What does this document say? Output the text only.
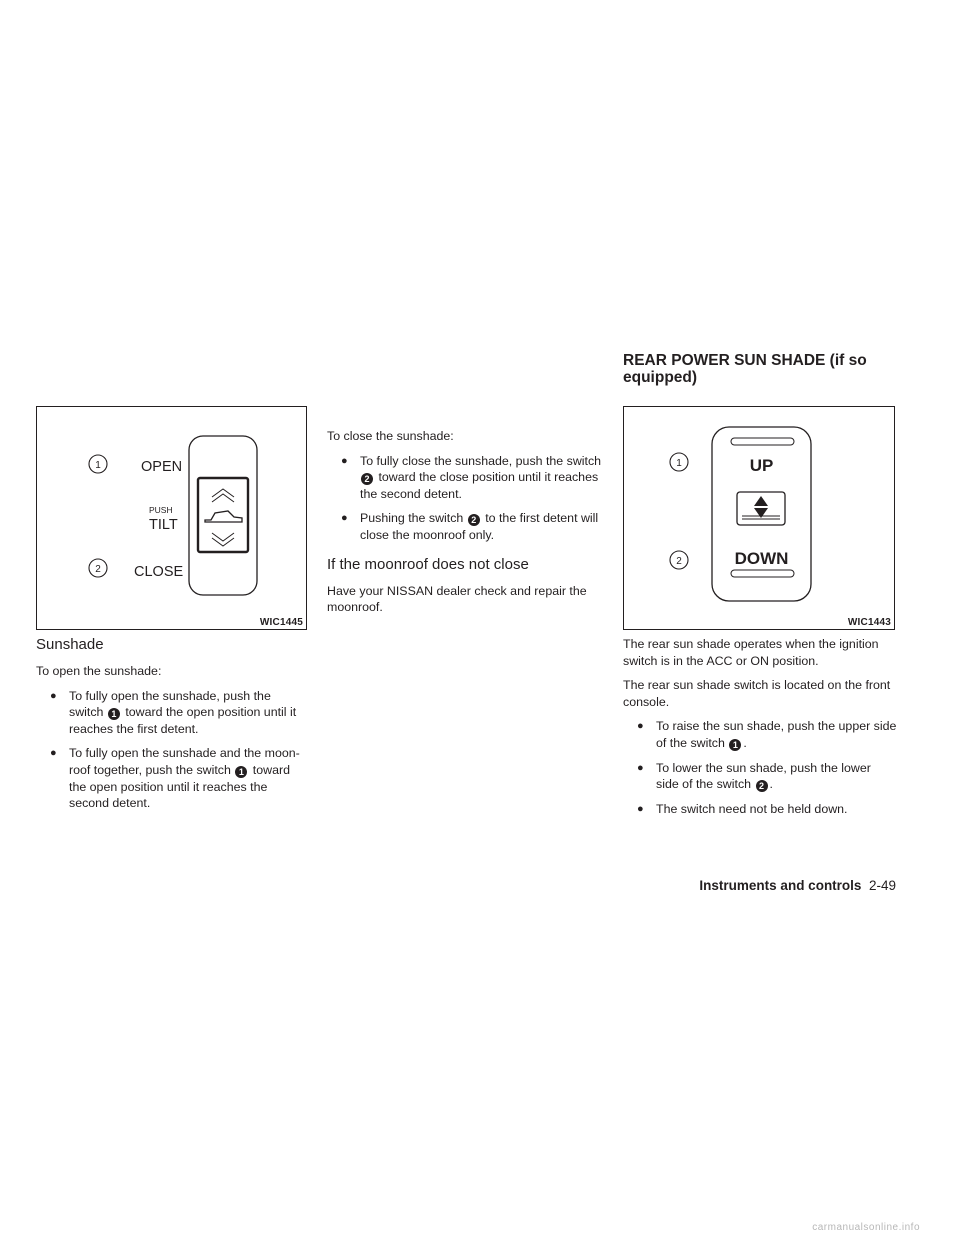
1
2
OPEN
PUSH
TILT
CLOSE
WIC1445
Sunshade

To open the sunshade:

● To fully open the sunshade, push the switch 1 toward the open position until it reaches the first detent.
● To fully open the sunshade and the moon- roof together, push the switch 1 toward the open position until it reaches the second detent.

To close the sunshade:

● To fully close the sunshade, push the switch 2 toward the close position until it reaches the second detent.
● Pushing the switch 2 to the first detent will close the moonroof only.
If the moonroof does not close

Have your NISSAN dealer check and repair the moonroof.

REAR POWER SUN SHADE (if so equipped)
1
2
UP
DOWN
WIC1443

The rear sun shade operates when the ignition switch is in the ACC or ON position.

The rear sun shade switch is located on the front console.

● To raise the sun shade, push the upper side of the switch 1 .
● To lower the sun shade, push the lower side of the switch 2 .
● The switch need not be held down.
Instruments and controls 2-49
carmanualsonline.info
